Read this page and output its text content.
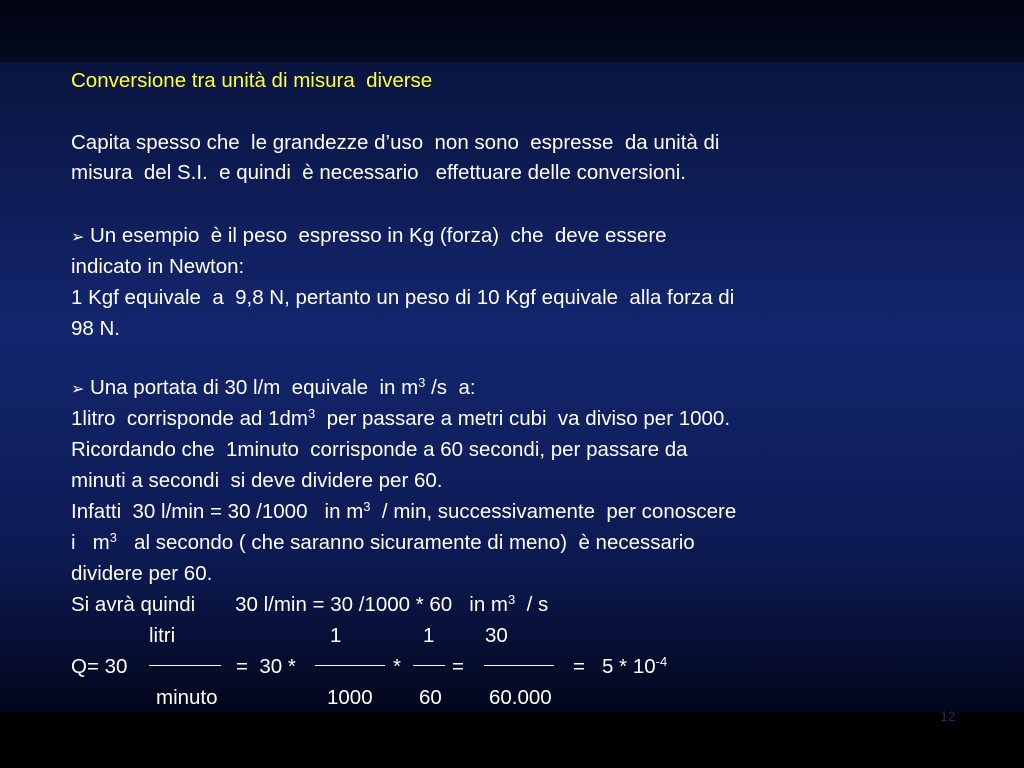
Conversione tra unità di misura  diverse
Capita spesso che  le grandezze d’uso  non sono  espresse  da unità di
misura  del S.I.  e quindi  è necessario   effettuare delle conversioni.
➢ Un esempio  è il peso  espresso in Kg (forza)  che  deve essere
indicato in Newton:
1 Kgf equivale  a  9,8 N, pertanto un peso di 10 Kgf equivale  alla forza di
98 N.
➢ Una portata di 30 l/m  equivale  in $m^3$ /s  a:
1litro  corrisponde ad $1dm^3$  per passare a metri cubi  va diviso per 1000.
Ricordando che  1minuto  corrisponde a 60 secondi, per passare da
minuti a secondi  si deve dividere per 60.
Infatti  30 l/min = 30 /1000   in $m^3$  / min, successivamente  per conoscere
i   $m^3$   al secondo ( che saranno sicuramente di meno)  è necessario
dividere per 60.
Si avrà quindi       30 l/min = 30 /1000 * 60   in $m^3$  / s
litri	1	1 30
Q= 30	=  30 *	* =	=   $5 * 10^{-4}$
minuto	1000 60 60.000
12
